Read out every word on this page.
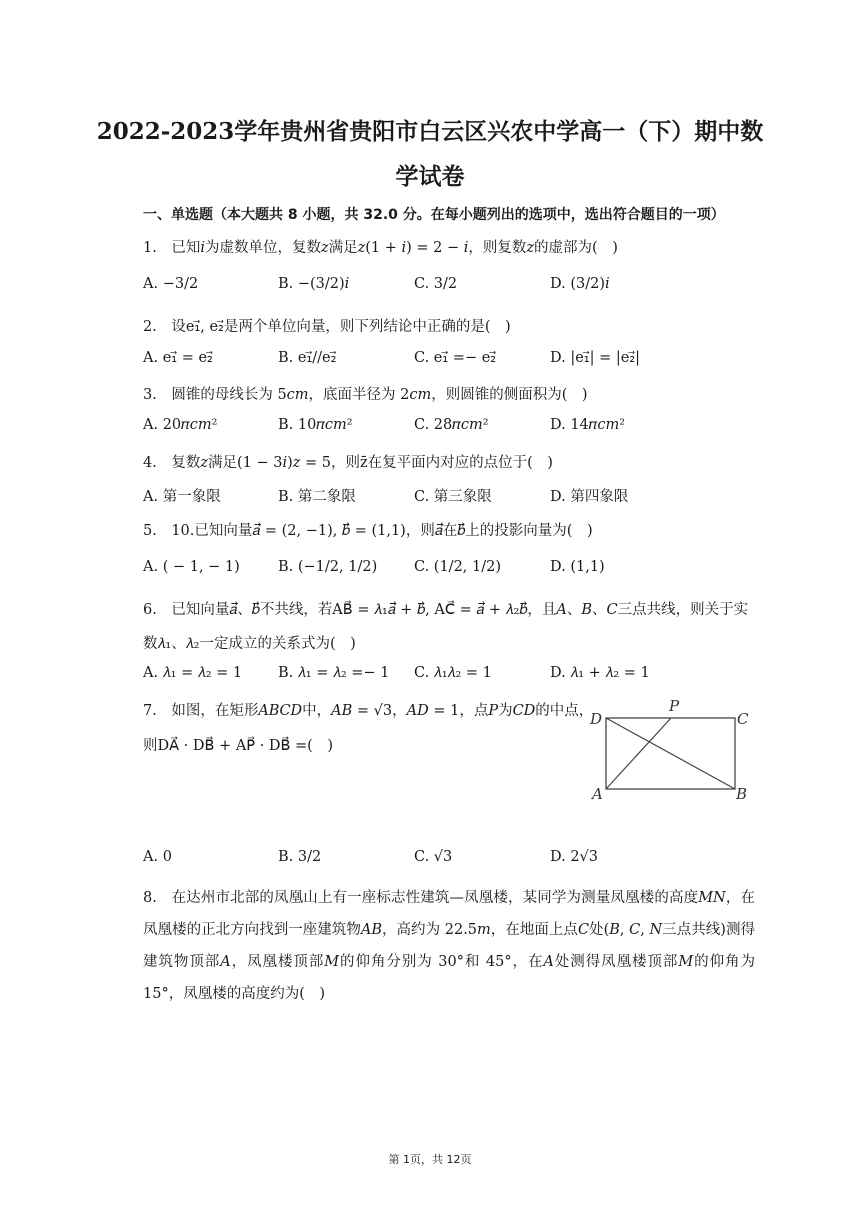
2022-2023学年贵州省贵阳市白云区兴农中学高一（下）期中数
学试卷
一、单选题（本大题共 8 小题，共 32.0 分。在每小题列出的选项中，选出符合题目的一项）
1.　已知𝑖为虚数单位，复数𝑧满足𝑧(1 + 𝑖) = 2 − 𝑖，则复数𝑧的虚部为(　)
A. −3/2	B. −(3/2)𝑖	C. 3/2	D. (3/2)𝑖
2.　设e₁⃗, e₂⃗是两个单位向量，则下列结论中正确的是(　)
A. e₁⃗ = e₂⃗	B. e₁⃗//e₂⃗	C. e₁⃗ =− e₂⃗	D. |e₁⃗| = |e₂⃗|
3.　圆锥的母线长为 5𝑐𝑚，底面半径为 2𝑐𝑚，则圆锥的侧面积为(　)
A. 20𝜋𝑐𝑚²	B. 10𝜋𝑐𝑚²	C. 28𝜋𝑐𝑚²	D. 14𝜋𝑐𝑚²
4.　复数𝑧满足(1 − 3𝑖)𝑧 = 5，则z̄在复平面内对应的点位于(　)
A. 第一象限	B. 第二象限	C. 第三象限	D. 第四象限
5.　10.已知向量𝑎⃗ = (2, −1), 𝑏⃗ = (1,1)，则𝑎⃗在𝑏⃗上的投影向量为(　)
A. ( − 1, − 1)	B. (−1/2, 1/2)	C. (1/2, 1/2)	D. (1,1)
6.　已知向量𝑎⃗、𝑏⃗不共线，若AB⃗ = 𝜆₁𝑎⃗ + 𝑏⃗, AC⃗ = 𝑎⃗ + 𝜆₂𝑏⃗，且𝐴、𝐵、𝐶三点共线，则关于实
数𝜆₁、𝜆₂一定成立的关系式为(　)
A. 𝜆₁ = 𝜆₂ = 1 B. 𝜆₁ = 𝜆₂ =− 1 C. 𝜆₁𝜆₂ = 1	D. 𝜆₁ + 𝜆₂ = 1
7.　如图，在矩形𝐴𝐵𝐶𝐷中，𝐴𝐵 = √3，𝐴𝐷 = 1，点𝑃为𝐶𝐷的中点，
则DA⃗ · DB⃗ + AP⃗ · DB⃗ =(　)
D
P
C
A	B
A. 0	B. 3/2	C. √3	D. 2√3
8.　在达州市北部的凤凰山上有一座标志性建筑—凤凰楼，某同学为测量凤凰楼的高度𝑀𝑁，在凤凰楼的正北方向找到一座建筑物𝐴𝐵，高约为 22.5𝑚，在地面上点𝐶处(𝐵, 𝐶, 𝑁三点共线)测得建筑物顶部𝐴，凤凰楼顶部𝑀的仰角分别为 30°和 45°，在𝐴处测得凤凰楼顶部𝑀的仰角为 15°，凤凰楼的高度约为(　)
第 1页，共 12页
